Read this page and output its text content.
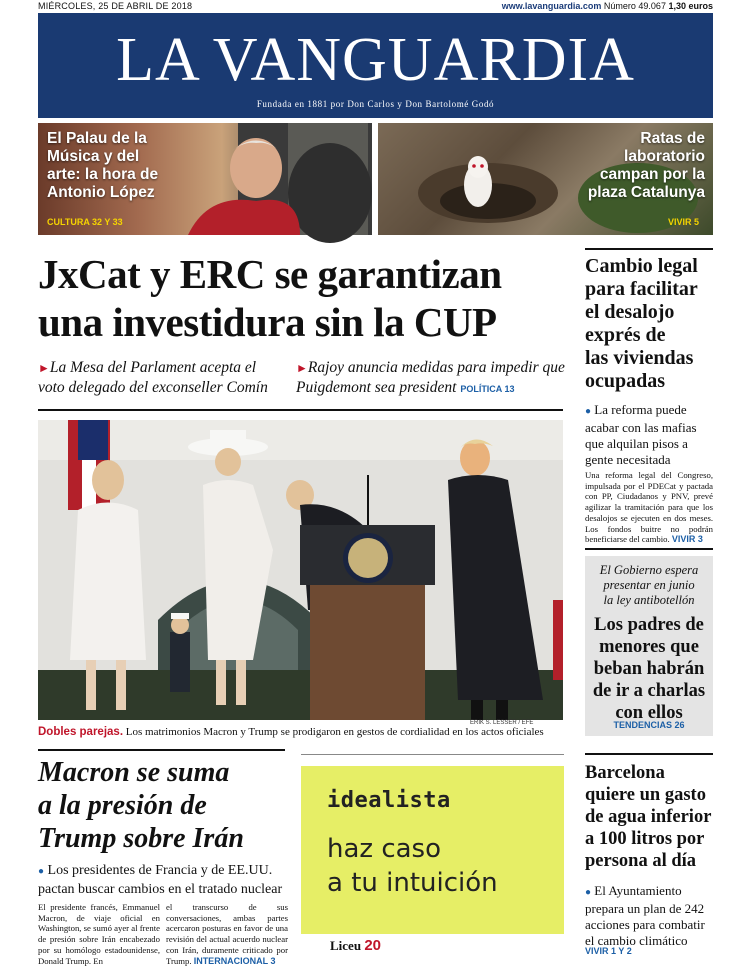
MIÉRCOLES, 25 DE ABRIL DE 2018	www.lavanguardia.com Número 49.067 1,30 euros
LA VANGUARDIA
Fundada en 1881 por Don Carlos y Don Bartolomé Godó
El Palau de la
Música y del
arte: la hora de
Antonio López
CULTURA 32 Y 33
Ratas de
laboratorio
campan por la
plaza Catalunya
VIVIR 5
JxCat y ERC se garantizan
una investidura sin la CUP
►La Mesa del Parlament acepta el voto delegado del exconseller Comín
►Rajoy anuncia medidas para impedir que Puigdemont sea president POLÍTICA 13
ERIK S. LESSER / EFE
Dobles parejas. Los matrimonios Macron y Trump se prodigaron en gestos de cordialidad en los actos oficiales
Macron se suma
a la presión de
Trump sobre Irán
● Los presidentes de Francia y de EE.UU. pactan buscar cambios en el tratado nuclear
El presidente francés, Emmanuel Macron, de viaje oficial en Washington, se sumó ayer al frente de presión sobre Irán encabezado por su homólogo estadounidense, Donald Trump. En
el transcurso de sus conversaciones, ambas partes acercaron posturas en favor de una revisión del actual acuerdo nuclear con Irán, duramente criticado por Trump. INTERNACIONAL 3
idealista
haz caso
a tu intuición
Liceu 20
Cambio legal
para facilitar
el desalojo
exprés de
las viviendas
ocupadas
● La reforma puede acabar con las mafias que alquilan pisos a gente necesitada
Una reforma legal del Congreso, impulsada por el PDECat y pactada con PP, Ciudadanos y PNV, prevé agilizar la tramitación para que los desalojos se ejecuten en dos meses. Los fondos buitre no podrán beneficiarse del cambio. VIVIR 3
El Gobierno espera
presentar en junio
la ley antibotellón
Los padres de
menores que
beban habrán
de ir a charlas
con ellos
TENDENCIAS 26
Barcelona
quiere un gasto
de agua inferior
a 100 litros por
persona al día
● El Ayuntamiento prepara un plan de 242 acciones para combatir el cambio climático
VIVIR 1 Y 2
